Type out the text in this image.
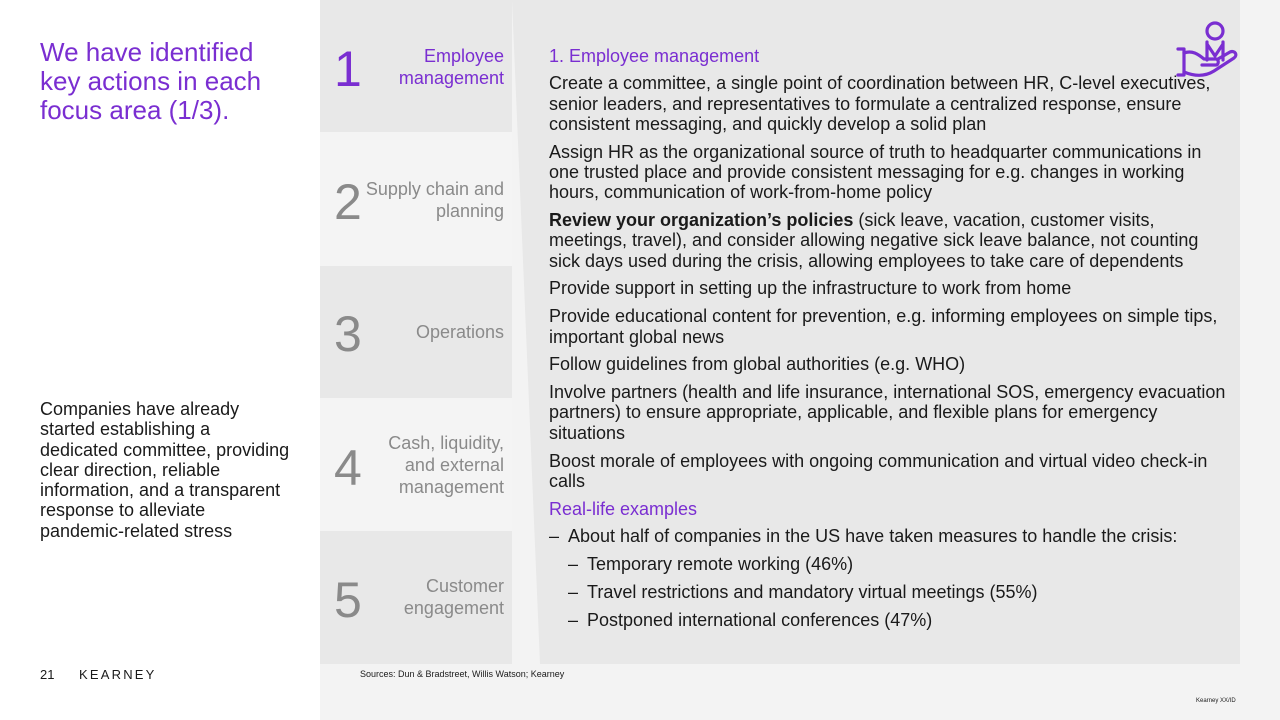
We have identified key actions in each focus area (1/3).

Companies have already started establishing a dedicated committee, providing clear direction, reliable information, and a transparent response to alleviate pandemic-related stress

21 KEARNEY
1	Employee management
2 Supply chain and planning
3	Operations
4	Cash, liquidity, and external management
5	Customer engagement

1. Employee management

Create a committee, a single point of coordination between HR, C-level executives, senior leaders, and representatives to formulate a centralized response, ensure consistent messaging, and quickly develop a solid plan

Assign HR as the organizational source of truth to headquarter communications in one trusted place and provide consistent messaging for e.g. changes in working hours, communication of work-from-home policy

Review your organization’s policies (sick leave, vacation, customer visits, meetings, travel), and consider allowing negative sick leave balance, not counting sick days used during the crisis, allowing employees to take care of dependents

Provide support in setting up the infrastructure to work from home

Provide educational content for prevention, e.g. informing employees on simple tips, important global news

Follow guidelines from global authorities (e.g. WHO)

Involve partners (health and life insurance, international SOS, emergency evacuation partners) to ensure appropriate, applicable, and flexible plans for emergency situations

Boost morale of employees with ongoing communication and virtual video check-in calls

Real-life examples

– About half of companies in the US have taken measures to handle the crisis:
– Temporary remote working (46%)
– Travel restrictions and mandatory virtual meetings (55%)
– Postponed international conferences (47%)
Sources: Dun & Bradstreet, Willis Watson; Kearney
Kearney XX/ID
